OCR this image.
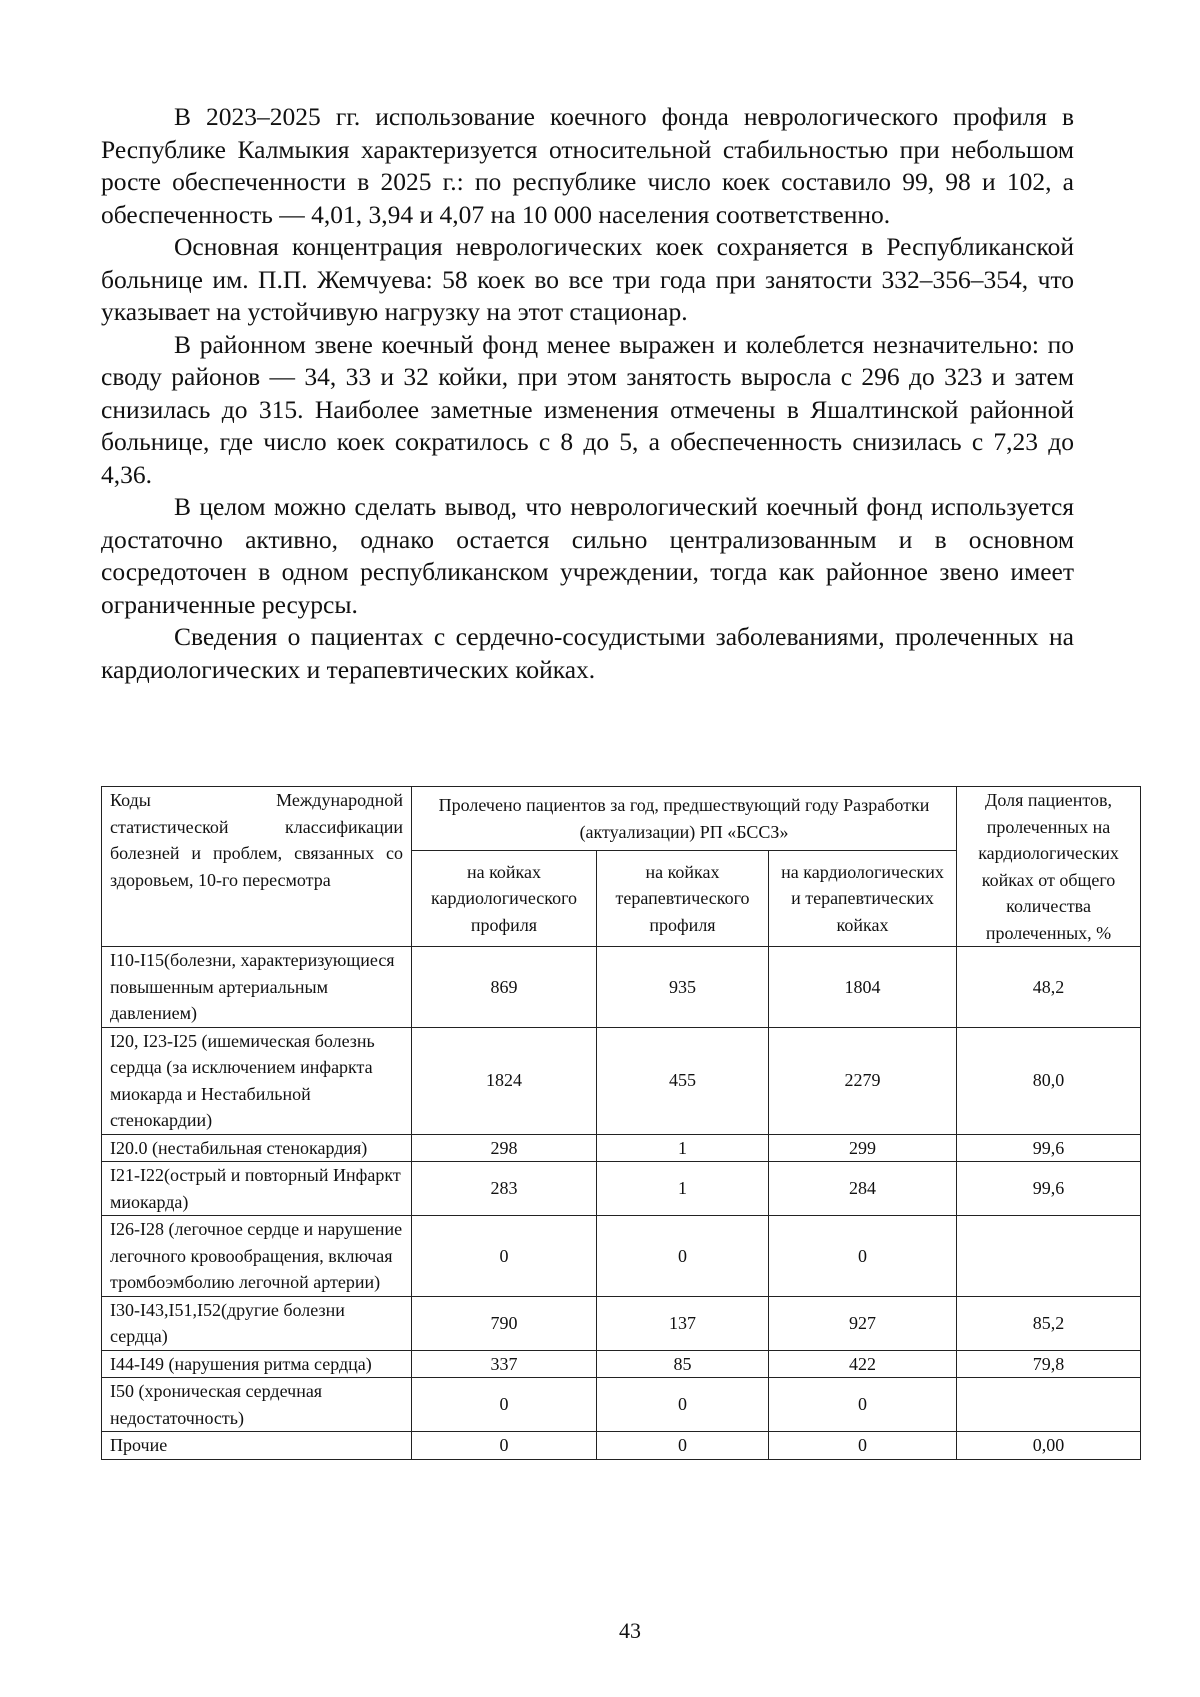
В 2023–2025 гг. использование коечного фонда неврологического профиля в Республике Калмыкия характеризуется относительной стабильностью при небольшом росте обеспеченности в 2025 г.: по республике число коек составило 99, 98 и 102, а обеспеченность — 4,01, 3,94 и 4,07 на 10 000 населения соответственно.

Основная концентрация неврологических коек сохраняется в Республиканской больнице им. П.П. Жемчуева: 58 коек во все три года при занятости 332–356–354, что указывает на устойчивую нагрузку на этот стационар.

В районном звене коечный фонд менее выражен и колеблется незначительно: по своду районов — 34, 33 и 32 койки, при этом занятость выросла с 296 до 323 и затем снизилась до 315. Наиболее заметные изменения отмечены в Яшалтинской районной больнице, где число коек сократилось с 8 до 5, а обеспеченность снизилась с 7,23 до 4,36.

В целом можно сделать вывод, что неврологический коечный фонд используется достаточно активно, однако остается сильно централизованным и в основном сосредоточен в одном республиканском учреждении, тогда как районное звено имеет ограниченные ресурсы.

Сведения о пациентах с сердечно-сосудистыми заболеваниями, пролеченных на кардиологических и терапевтических койках.

Коды Международной статистической классификации болезней и проблем, связанных со здоровьем, 10-го пересмотра	Пролечено пациентов за год, предшествующий году Разработки (актуализации) РП «БССЗ»			Доля пациентов, пролеченных на кардиологических койках от общего количества пролеченных, %
	на койках кардиологического профиля	на койках терапевтического профиля	на кардиологических и терапевтических койках	
I10-I15(болезни, характеризующиеся повышенным артериальным давлением)	869	935	1804	48,2
I20, I23-I25 (ишемическая болезнь сердца (за исключением инфаркта миокарда и Нестабильной стенокардии)	1824	455	2279	80,0
I20.0 (нестабильная стенокардия)	298	1	299	99,6
I21-I22(острый и повторный Инфаркт миокарда)	283	1	284	99,6
I26-I28 (легочное сердце и нарушение легочного кровообращения, включая тромбоэмболию легочной артерии)	0	0	0	
I30-I43,I51,I52(другие болезни сердца)	790	137	927	85,2
I44-I49 (нарушения ритма сердца)	337	85	422	79,8
I50 (хроническая сердечная недостаточность)	0	0	0	
Прочие	0	0	0	0,00
43
